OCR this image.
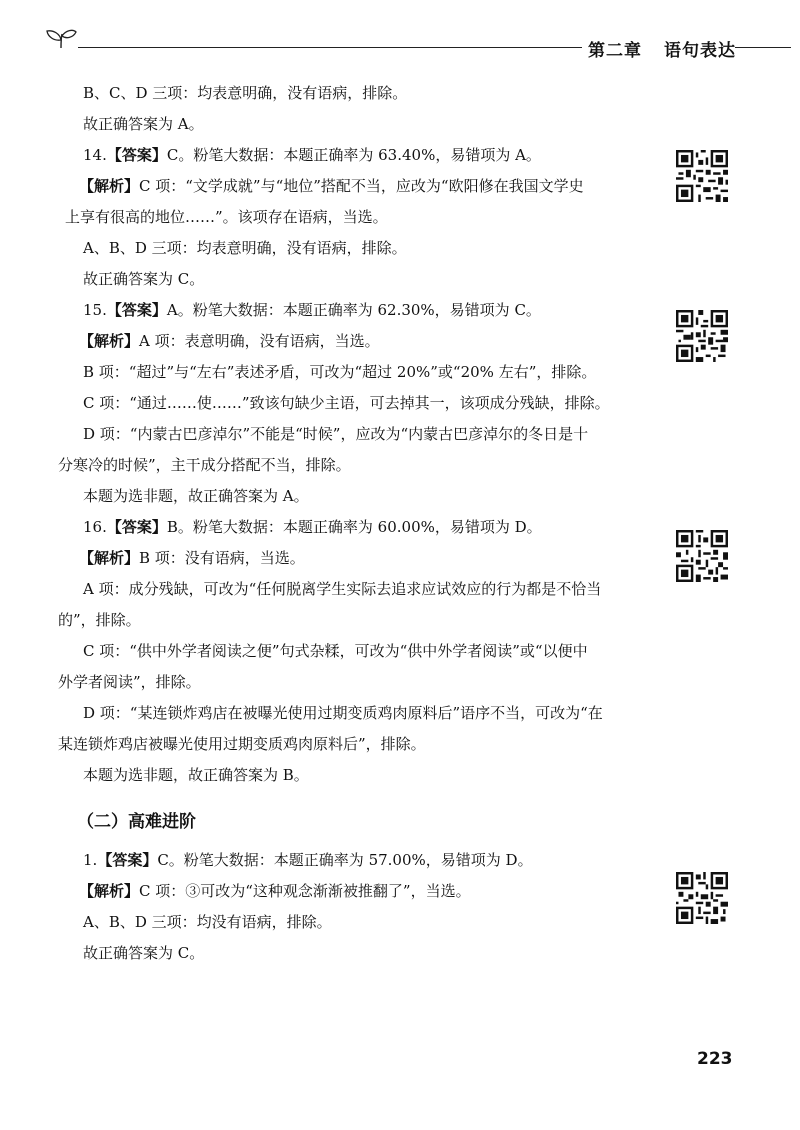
第二章 语句表达

B、C、D 三项：均表意明确，没有语病，排除。

故正确答案为 A。

14.【答案】C。粉笔大数据：本题正确率为 63.40%，易错项为 A。

【解析】C 项：“文学成就”与“地位”搭配不当，应改为“欧阳修在我国文学史

上享有很高的地位……”。该项存在语病，当选。

A、B、D 三项：均表意明确，没有语病，排除。

故正确答案为 C。

15.【答案】A。粉笔大数据：本题正确率为 62.30%，易错项为 C。

【解析】A 项：表意明确，没有语病，当选。

B 项：“超过”与“左右”表述矛盾，可改为“超过 20%”或“20% 左右”，排除。

C 项：“通过……使……”致该句缺少主语，可去掉其一，该项成分残缺，排除。

D 项：“内蒙古巴彦淖尔”不能是“时候”，应改为“内蒙古巴彦淖尔的冬日是十

分寒冷的时候”，主干成分搭配不当，排除。

本题为选非题，故正确答案为 A。

16.【答案】B。粉笔大数据：本题正确率为 60.00%，易错项为 D。

【解析】B 项：没有语病，当选。

A 项：成分残缺，可改为“任何脱离学生实际去追求应试效应的行为都是不恰当

的”，排除。

C 项：“供中外学者阅读之便”句式杂糅，可改为“供中外学者阅读”或“以便中

外学者阅读”，排除。

D 项：“某连锁炸鸡店在被曝光使用过期变质鸡肉原料后”语序不当，可改为“在

某连锁炸鸡店被曝光使用过期变质鸡肉原料后”，排除。

本题为选非题，故正确答案为 B。

（二）高难进阶

1.【答案】C。粉笔大数据：本题正确率为 57.00%，易错项为 D。

【解析】C 项：③可改为“这种观念渐渐被推翻了”，当选。

A、B、D 三项：均没有语病，排除。

故正确答案为 C。

223
